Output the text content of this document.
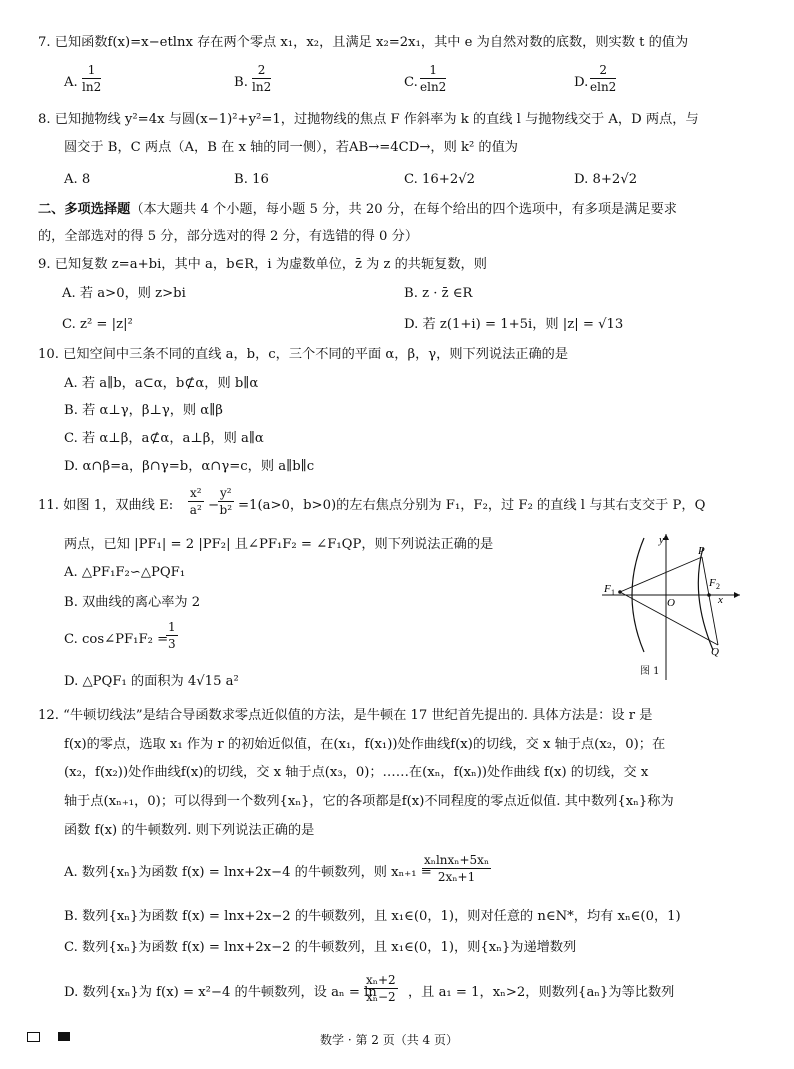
7. 已知函数f(x)=x−etlnx 存在两个零点 x₁，x₂，且满足 x₂=2x₁，其中 e 为自然对数的底数，则实数 t 的值为
A. $\frac{1}{\ln 2}$	B. $\frac{2}{\ln 2}$	C. $\frac{1}{eln2}$	D. $\frac{2}{eln2}$
8. 已知抛物线 y²=4x 与圆(x−1)²+y²=1，过抛物线的焦点 F 作斜率为 k 的直线 l 与抛物线交于 A，D 两点，与
圆交于 B，C 两点（A，B 在 x 轴的同一侧），若AB→=4CD→，则 k² 的值为
A. 8	B. 16	C. 16+2√2	D. 8+2√2
二、多项选择题（本大题共 4 个小题，每小题 5 分，共 20 分，在每个给出的四个选项中，有多项是满足要求
的，全部选对的得 5 分，部分选对的得 2 分，有选错的得 0 分）
9. 已知复数 z=a+bi，其中 a，b∈R，i 为虚数单位，z̄ 为 z 的共轭复数，则
A. 若 a>0，则 z>bi	B. z · z̄ ∈R
C. z² = |z|²	D. 若 z(1+i) = 1+5i，则 |z| = √13
10. 已知空间中三条不同的直线 a，b，c，三个不同的平面 α，β，γ，则下列说法正确的是
A. 若 a∥b，a⊂α，b⊄α，则 b∥α
B. 若 α⊥γ，β⊥γ，则 α∥β
C. 若 α⊥β，a⊄α，a⊥β，则 a∥α
D. α∩β=a，β∩γ=b，α∩γ=c，则 a∥b∥c
11. 如图 1，双曲线 E: $\frac{\text{x²}}{\text{a²}}$ −
$\frac{\text{y²}}{\text{b²}} =1(a>0$，b>0)的左右焦点分别为 F₁，F₂，过 F₂ 的直线 l 与其右支交于 P，Q
两点，已知 |PF₁| = 2 |PF₂| 且∠PF₁F₂ = ∠F₁QP，则下列说法正确的是
A. △PF₁F₂∽△PQF₁
B. 双曲线的离心率为 2
C. cos∠PF₁F₂ =
$\frac{1}{3}$
D. △PQF₁ 的面积为 4√15 a²
y
P
F 1
O
F 2
x
Q
图 1
12. “牛顿切线法”是结合导函数求零点近似值的方法，是牛顿在 17 世纪首先提出的. 具体方法是：设 r 是
f(x)的零点，选取 x₁ 作为 r 的初始近似值，在(x₁，f(x₁))处作曲线f(x)的切线，交 x 轴于点(x₂，0)；在
(x₂，f(x₂))处作曲线f(x)的切线，交 x 轴于点(x₃，0)；……在(xₙ，f(xₙ))处作曲线 f(x) 的切线，交 x
轴于点(xₙ₊₁，0)；可以得到一个数列{xₙ}，它的各项都是f(x)不同程度的零点近似值. 其中数列{xₙ}称为
函数 f(x) 的牛顿数列. 则下列说法正确的是
A. 数列{xₙ}为函数 f(x) = lnx+2x−4 的牛顿数列，则 xₙ₊₁ =
$\frac{\text{xₙlnxₙ+5xₙ}}{\text{2xₙ+1}}$
B. 数列{xₙ}为函数 f(x) = lnx+2x−2 的牛顿数列，且 x₁∈(0，1)，则对任意的 n∈N*，均有 xₙ∈(0，1)
C. 数列{xₙ}为函数 f(x) = lnx+2x−2 的牛顿数列，且 x₁∈(0，1)，则{xₙ}为递增数列
D. 数列{xₙ}为 f(x) = x²−4 的牛顿数列，设 aₙ = ln
$\frac{\text{xₙ+2}}{\text{xₙ−2}}$ ，且 a₁ = 1，xₙ>2，则数列{aₙ}为等比数列
数学 · 第 2 页（共 4 页）
